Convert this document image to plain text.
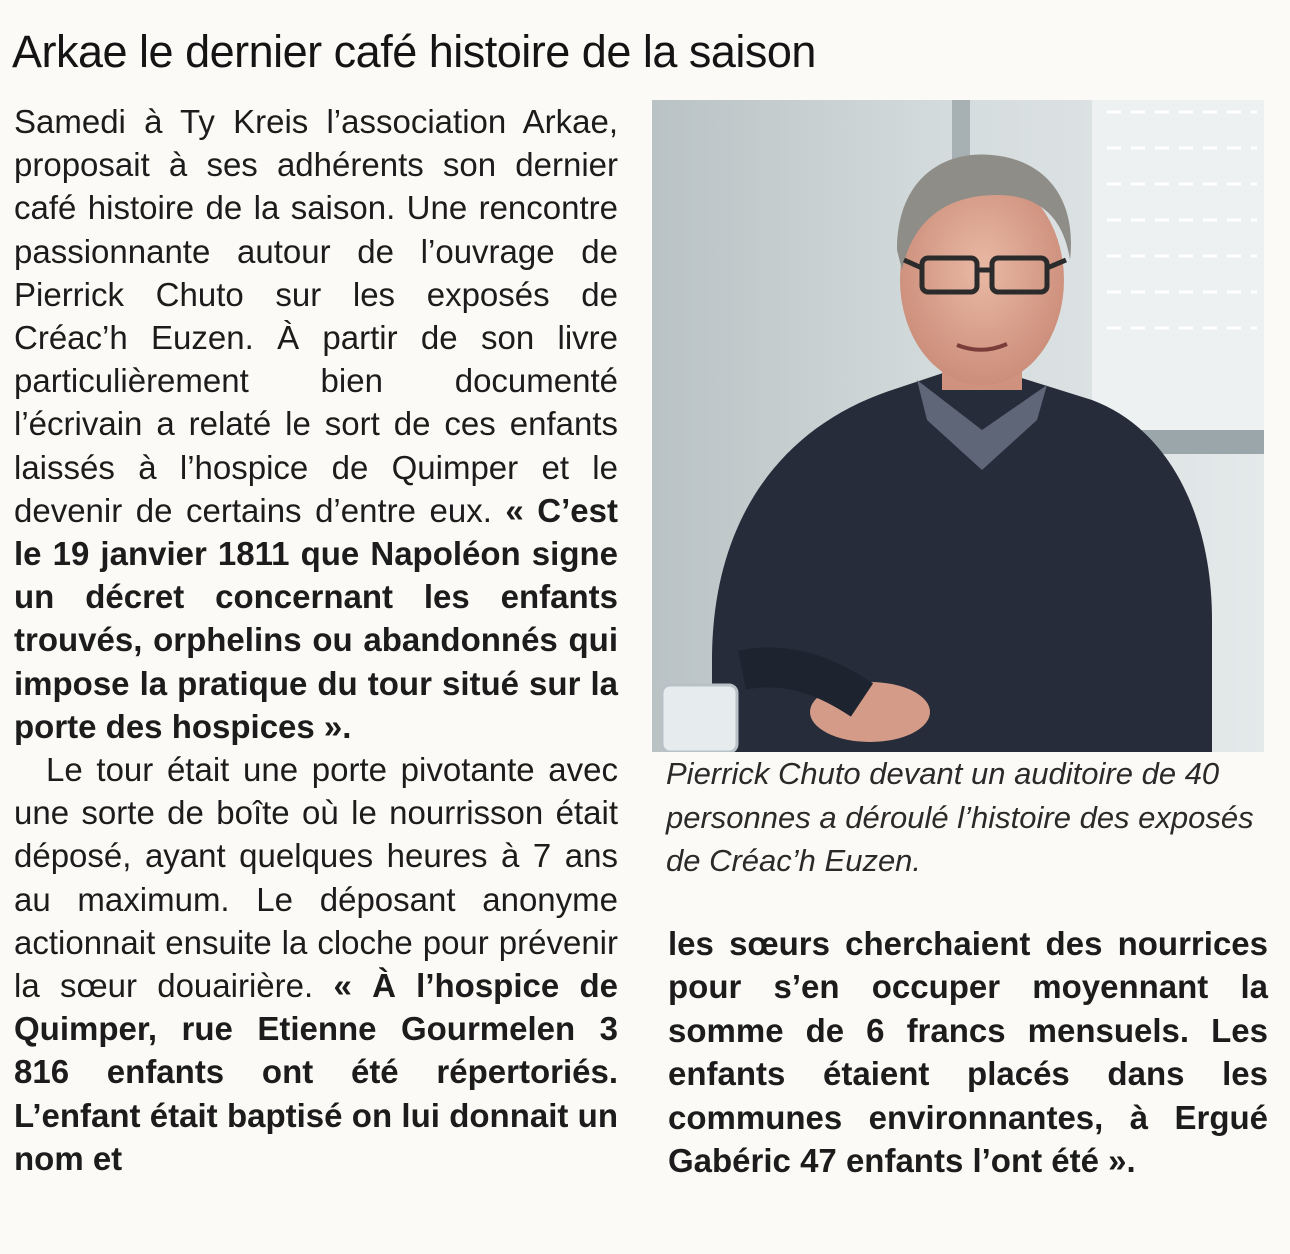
Arkae le dernier café histoire de la saison

Samedi à Ty Kreis l’association Arkae, proposait à ses adhérents son dernier café histoire de la saison. Une rencontre passionnante autour de l’ouvrage de Pierrick Chuto sur les exposés de Créac’h Euzen. À partir de son livre particulièrement bien documenté l’écrivain a relaté le sort de ces enfants laissés à l’hospice de Quimper et le devenir de certains d’entre eux. « C’est le 19 janvier 1811 que Napoléon signe un décret concernant les enfants trouvés, orphelins ou abandonnés qui impose la pratique du tour situé sur la porte des hospices ».

Le tour était une porte pivotante avec une sorte de boîte où le nourrisson était déposé, ayant quelques heures à 7 ans au maximum. Le déposant anonyme actionnait ensuite la cloche pour prévenir la sœur douairière. « À l’hospice de Quimper, rue Etienne Gourmelen 3 816 enfants ont été répertoriés. L’enfant était baptisé on lui donnait un nom et

Pierrick Chuto devant un auditoire de 40 personnes a déroulé l’histoire des exposés de Créac’h Euzen.

les sœurs cherchaient des nourrices pour s’en occuper moyennant la somme de 6 francs mensuels. Les enfants étaient placés dans les communes environnantes, à Ergué Gabéric 47 enfants l’ont été ».
